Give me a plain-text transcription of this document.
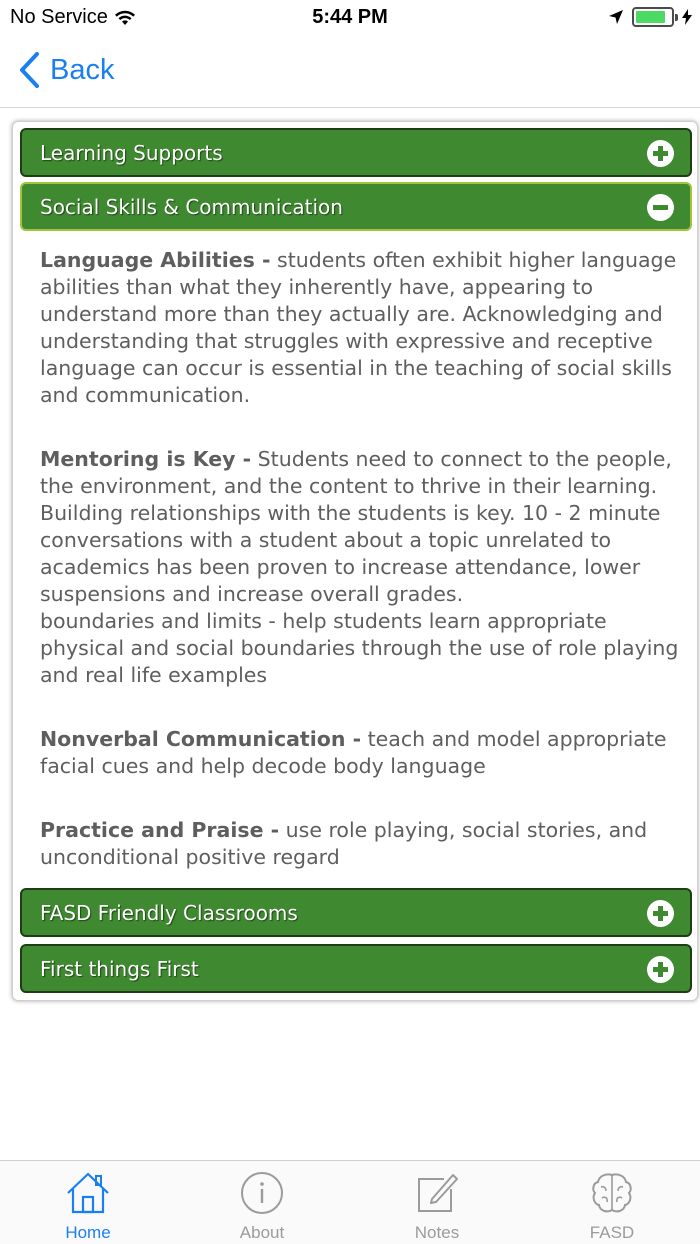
No Service	5:44 PM
Back
Learning Supports
Social Skills & Communication

Language Abilities - students often exhibit higher language abilities than what they inherently have, appearing to understand more than they actually are. Acknowledging and understanding that struggles with expressive and receptive language can occur is essential in the teaching of social skills and communication.

Mentoring is Key - Students need to connect to the people, the environment, and the content to thrive in their learning. Building relationships with the students is key. 10 - 2 minute conversations with a student about a topic unrelated to academics has been proven to increase attendance, lower suspensions and increase overall grades.
boundaries and limits - help students learn appropriate physical and social boundaries through the use of role playing and real life examples

Nonverbal Communication - teach and model appropriate facial cues and help decode body language

Practice and Praise - use role playing, social stories, and unconditional positive regard

FASD Friendly Classrooms
First things First
Home	About	Notes	FASD
